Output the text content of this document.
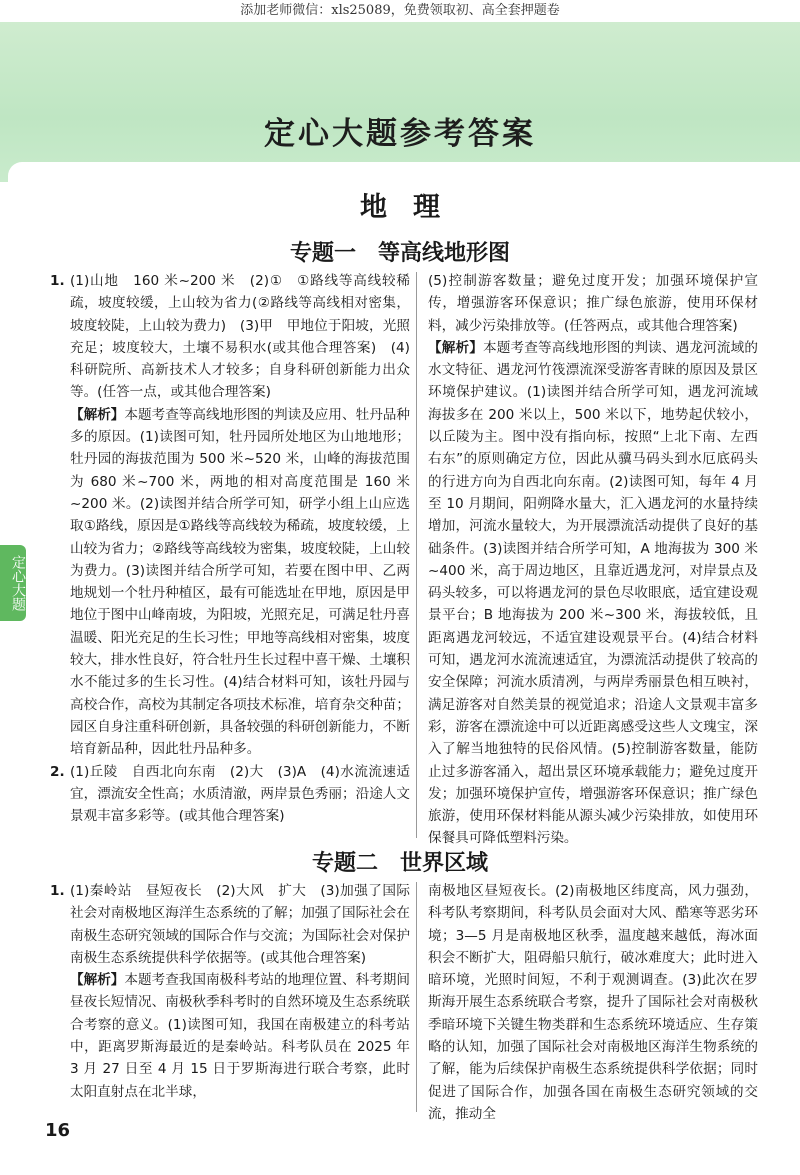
添加老师微信：xls25089，免费领取初、高全套押题卷
定心大题参考答案
定心大题
地理
专题一　等高线地形图
1. (1)山地　160 米~200 米　(2)①　①路线等高线较稀疏，坡度较缓，上山较为省力(②路线等高线相对密集，坡度较陡，上山较为费力)　(3)甲　甲地位于阳坡，光照充足；坡度较大，土壤不易积水(或其他合理答案)　(4)科研院所、高新技术人才较多；自身科研创新能力出众等。(任答一点，或其他合理答案)

【解析】本题考查等高线地形图的判读及应用、牡丹品种多的原因。(1)读图可知，牡丹园所处地区为山地地形；牡丹园的海拔范围为 500 米~520 米，山峰的海拔范围为 680 米~700 米，两地的相对高度范围是 160 米~200 米。(2)读图并结合所学可知，研学小组上山应选取①路线，原因是①路线等高线较为稀疏，坡度较缓，上山较为省力；②路线等高线较为密集，坡度较陡，上山较为费力。(3)读图并结合所学可知，若要在图中甲、乙两地规划一个牡丹种植区，最有可能选址在甲地，原因是甲地位于图中山峰南坡，为阳坡，光照充足，可满足牡丹喜温暖、阳光充足的生长习性；甲地等高线相对密集，坡度较大，排水性良好，符合牡丹生长过程中喜干燥、土壤积水不能过多的生长习性。(4)结合材料可知，该牡丹园与高校合作，高校为其制定各项技术标准，培育杂交种苗；园区自身注重科研创新，具备较强的科研创新能力，不断培育新品种，因此牡丹品种多。

2. (1)丘陵　自西北向东南　(2)大　(3)A　(4)水流流速适宜，漂流安全性高；水质清澈，两岸景色秀丽；沿途人文景观丰富多彩等。(或其他合理答案)

(5)控制游客数量；避免过度开发；加强环境保护宣传，增强游客环保意识；推广绿色旅游，使用环保材料，减少污染排放等。(任答两点，或其他合理答案)

【解析】本题考查等高线地形图的判读、遇龙河流域的水文特征、遇龙河竹筏漂流深受游客青睐的原因及景区环境保护建议。(1)读图并结合所学可知，遇龙河流域海拔多在 200 米以上，500 米以下，地势起伏较小，以丘陵为主。图中没有指向标，按照“上北下南、左西右东”的原则确定方位，因此从骥马码头到水厄底码头的行进方向为自西北向东南。(2)读图可知，每年 4 月至 10 月期间，阳朔降水量大，汇入遇龙河的水量持续增加，河流水量较大，为开展漂流活动提供了良好的基础条件。(3)读图并结合所学可知，A 地海拔为 300 米~400 米，高于周边地区，且靠近遇龙河，对岸景点及码头较多，可以将遇龙河的景色尽收眼底，适宜建设观景平台；B 地海拔为 200 米~300 米，海拔较低，且距离遇龙河较远，不适宜建设观景平台。(4)结合材料可知，遇龙河水流流速适宜，为漂流活动提供了较高的安全保障；河流水质清冽，与两岸秀丽景色相互映衬，满足游客对自然美景的视觉追求；沿途人文景观丰富多彩，游客在漂流途中可以近距离感受这些人文瑰宝，深入了解当地独特的民俗风情。(5)控制游客数量，能防止过多游客涌入，超出景区环境承载能力；避免过度开发；加强环境保护宣传，增强游客环保意识；推广绿色旅游，使用环保材料能从源头减少污染排放，如使用环保餐具可降低塑料污染。

专题二　世界区域
1. (1)秦岭站　昼短夜长　(2)大风　扩大　(3)加强了国际社会对南极地区海洋生态系统的了解；加强了国际社会在南极生态研究领域的国际合作与交流；为国际社会对保护南极生态系统提供科学依据等。(或其他合理答案)

【解析】本题考查我国南极科考站的地理位置、科考期间昼夜长短情况、南极秋季科考时的自然环境及生态系统联合考察的意义。(1)读图可知，我国在南极建立的科考站中，距离罗斯海最近的是秦岭站。科考队员在 2025 年 3 月 27 日至 4 月 15 日于罗斯海进行联合考察，此时太阳直射点在北半球，

南极地区昼短夜长。(2)南极地区纬度高，风力强劲，科考队考察期间，科考队员会面对大风、酷寒等恶劣环境；3—5 月是南极地区秋季，温度越来越低，海冰面积会不断扩大，阻碍船只航行，破冰难度大；此时进入暗环境，光照时间短，不利于观测调查。(3)此次在罗斯海开展生态系统联合考察，提升了国际社会对南极秋季暗环境下关键生物类群和生态系统环境适应、生存策略的认知，加强了国际社会对南极地区海洋生物系统的了解，能为后续保护南极生态系统提供科学依据；同时促进了国际合作，加强各国在南极生态研究领域的交流，推动全

16
